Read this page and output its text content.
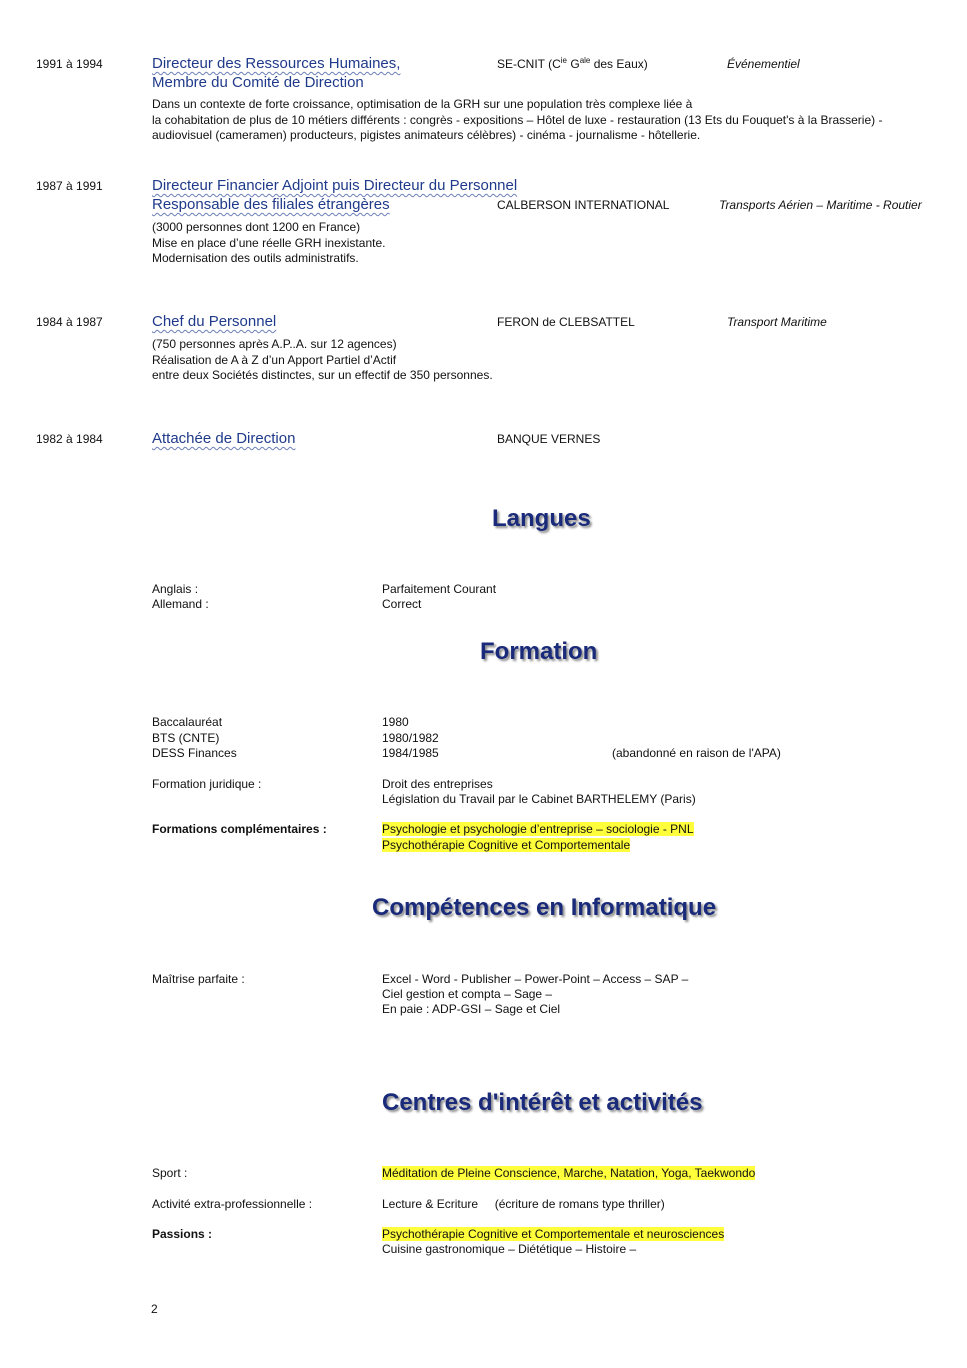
1991 à 1994	Directeur des Ressources Humaines,
Membre du Comité de Direction
SE-CNIT ($C^{ie}$ $G^{ale}$ des Eaux)	Événementiel
Dans un contexte de forte croissance, optimisation de la GRH sur une population très complexe liée à
la cohabitation de plus de 10 métiers différents : congrès - expositions – Hôtel de luxe - restauration (13 Ets du Fouquet's à la Brasserie) -
audiovisuel (cameramen) producteurs, pigistes animateurs célèbres) - cinéma - journalisme - hôtellerie.
1987 à 1991	Directeur Financier Adjoint puis Directeur du Personnel
Responsable des filiales étrangères	CALBERSON INTERNATIONAL	Transports Aérien – Maritime - Routier
(3000 personnes dont 1200 en France)
Mise en place d’une réelle GRH inexistante.
Modernisation des outils administratifs.
1984 à 1987	Chef du Personnel	FERON de CLEBSATTEL	Transport Maritime
(750 personnes après A.P..A. sur 12 agences)
Réalisation de A à Z d’un Apport Partiel d’Actif
entre deux Sociétés distinctes, sur un effectif de 350 personnes.
1982 à 1984	Attachée de Direction	BANQUE VERNES
Langues
Anglais :	Parfaitement Courant
Allemand :	Correct
Formation
Baccalauréat	1980
BTS (CNTE)	1980/1982
DESS Finances	1984/1985	(abandonné en raison de l'APA)
Formation juridique :	Droit des entreprises
Législation du Travail par le Cabinet BARTHELEMY (Paris)
Formations complémentaires :	Psychologie et psychologie d’entreprise – sociologie - PNL
Psychothérapie Cognitive et Comportementale
Compétences en Informatique
Maîtrise parfaite :	Excel - Word - Publisher – Power-Point – Access – SAP –
Ciel gestion et compta – Sage –
En paie : ADP-GSI – Sage et Ciel
Centres d'intérêt et activités
Sport :	Méditation de Pleine Conscience, Marche, Natation, Yoga, Taekwondo
Activité extra-professionnelle :	Lecture & Ecriture     (écriture de romans type thriller)
Passions :	Psychothérapie Cognitive et Comportementale et neurosciences
Cuisine gastronomique – Diététique – Histoire –
2
